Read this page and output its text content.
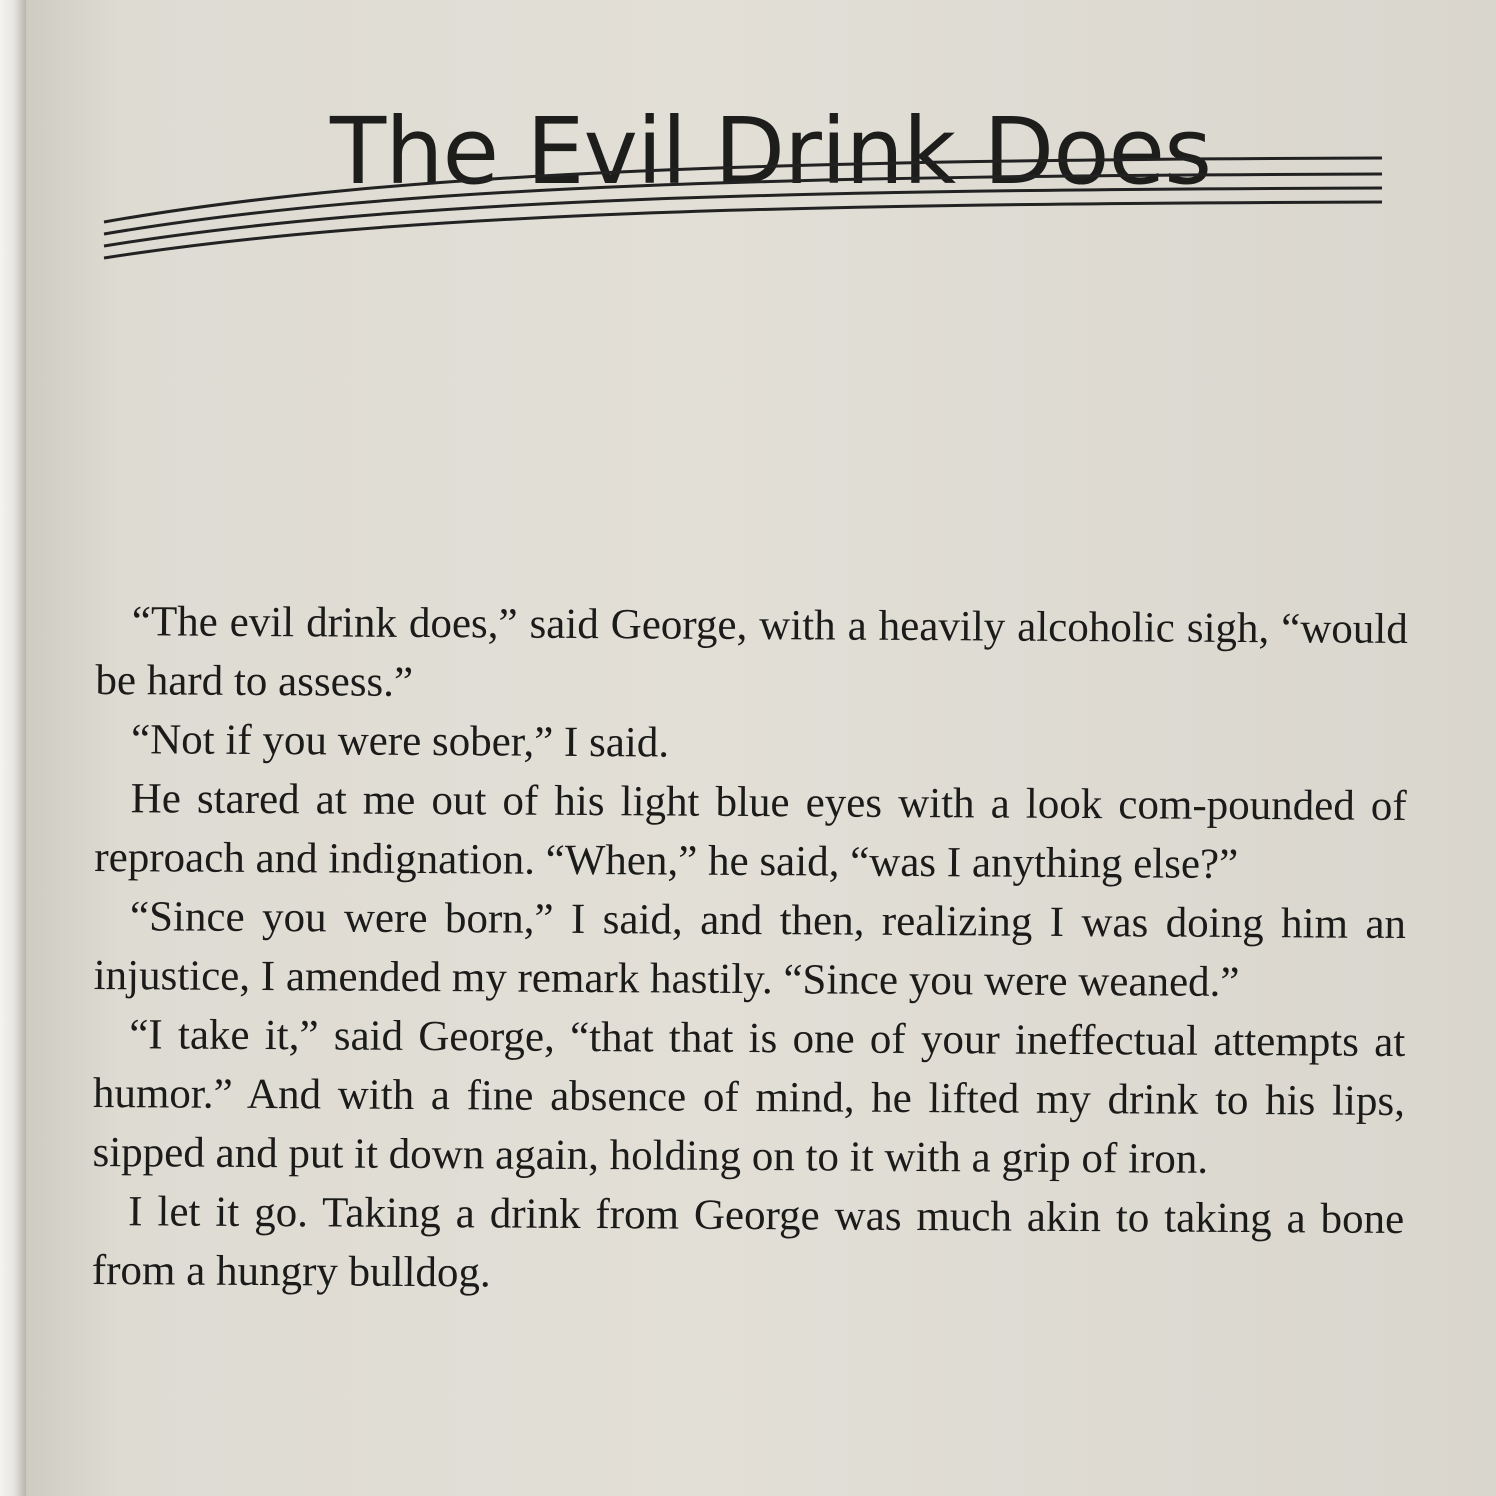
The Evil Drink Does

“The evil drink does,” said George, with a heavily alcoholic sigh, “would be hard to assess.”

“Not if you were sober,” I said.

He stared at me out of his light blue eyes with a look com-pounded of reproach and indignation. “When,” he said, “was I anything else?”

“Since you were born,” I said, and then, realizing I was doing him an injustice, I amended my remark hastily. “Since you were weaned.”

“I take it,” said George, “that that is one of your ineffectual attempts at humor.” And with a fine absence of mind, he lifted my drink to his lips, sipped and put it down again, holding on to it with a grip of iron.

I let it go. Taking a drink from George was much akin to taking a bone from a hungry bulldog.
